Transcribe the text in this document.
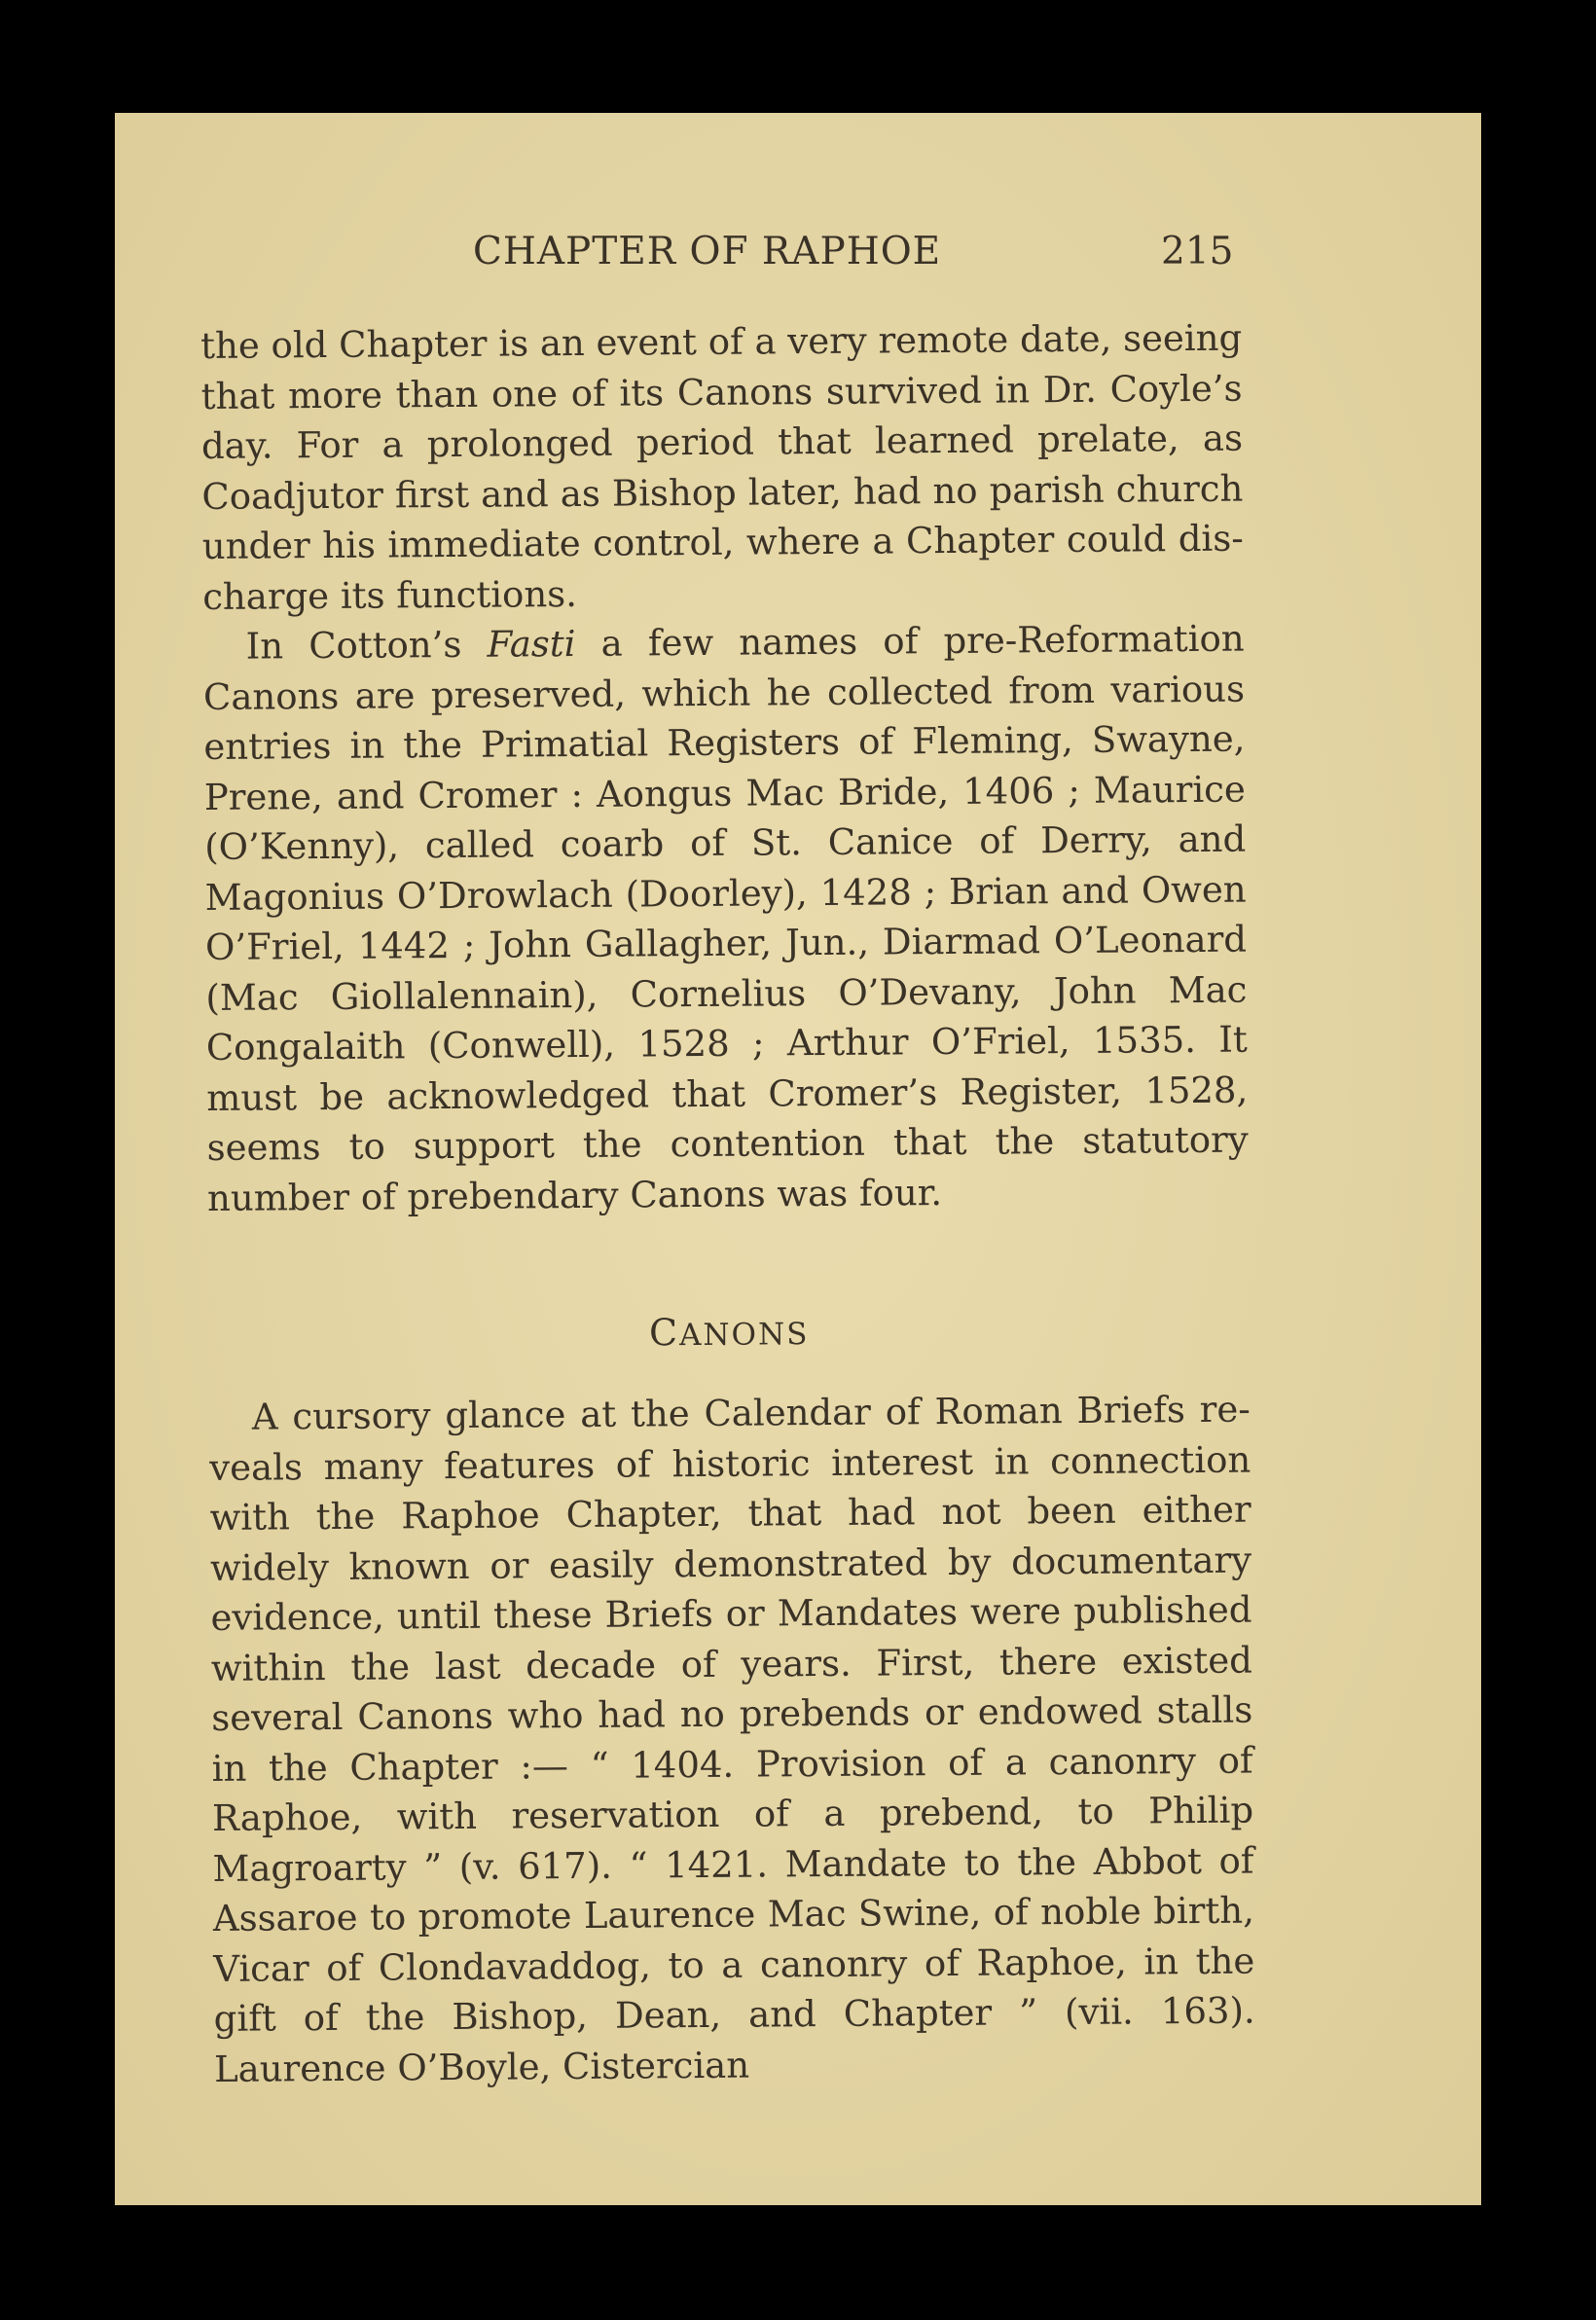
CHAPTER OF RAPHOE	215

the old Chapter is an event of a very remote date, seeing that more than one of its Canons survived in Dr. Coyle’s day. For a prolonged period that learned prelate, as Coadjutor first and as Bishop later, had no parish church under his immediate control, where a Chapter could discharge its functions.

In Cotton’s Fasti a few names of pre-Reformation Canons are preserved, which he collected from various entries in the Primatial Registers of Fleming, Swayne, Prene, and Cromer : Aongus Mac Bride, 1406 ; Maurice (O’Kenny), called coarb of St. Canice of Derry, and Magonius O’Drowlach (Doorley), 1428 ; Brian and Owen O’Friel, 1442 ; John Gallagher, Jun., Diarmad O’Leonard (Mac Giollalennain), Cornelius O’Devany, John Mac Congalaith (Conwell), 1528 ; Arthur O’Friel, 1535. It must be acknowledged that Cromer’s Register, 1528, seems to support the contention that the statutory number of prebendary Canons was four.

CANONS

A cursory glance at the Calendar of Roman Briefs reveals many features of historic interest in connection with the Raphoe Chapter, that had not been either widely known or easily demonstrated by documentary evidence, until these Briefs or Mandates were published within the last decade of years. First, there existed several Canons who had no prebends or endowed stalls in the Chapter :— “ 1404. Provision of a canonry of Raphoe, with reservation of a prebend, to Philip Magroarty ” (v. 617). “ 1421. Mandate to the Abbot of Assaroe to promote Laurence Mac Swine, of noble birth, Vicar of Clondavaddog, to a canonry of Raphoe, in the gift of the Bishop, Dean, and Chapter ” (vii. 163). Laurence O’Boyle, Cistercian
